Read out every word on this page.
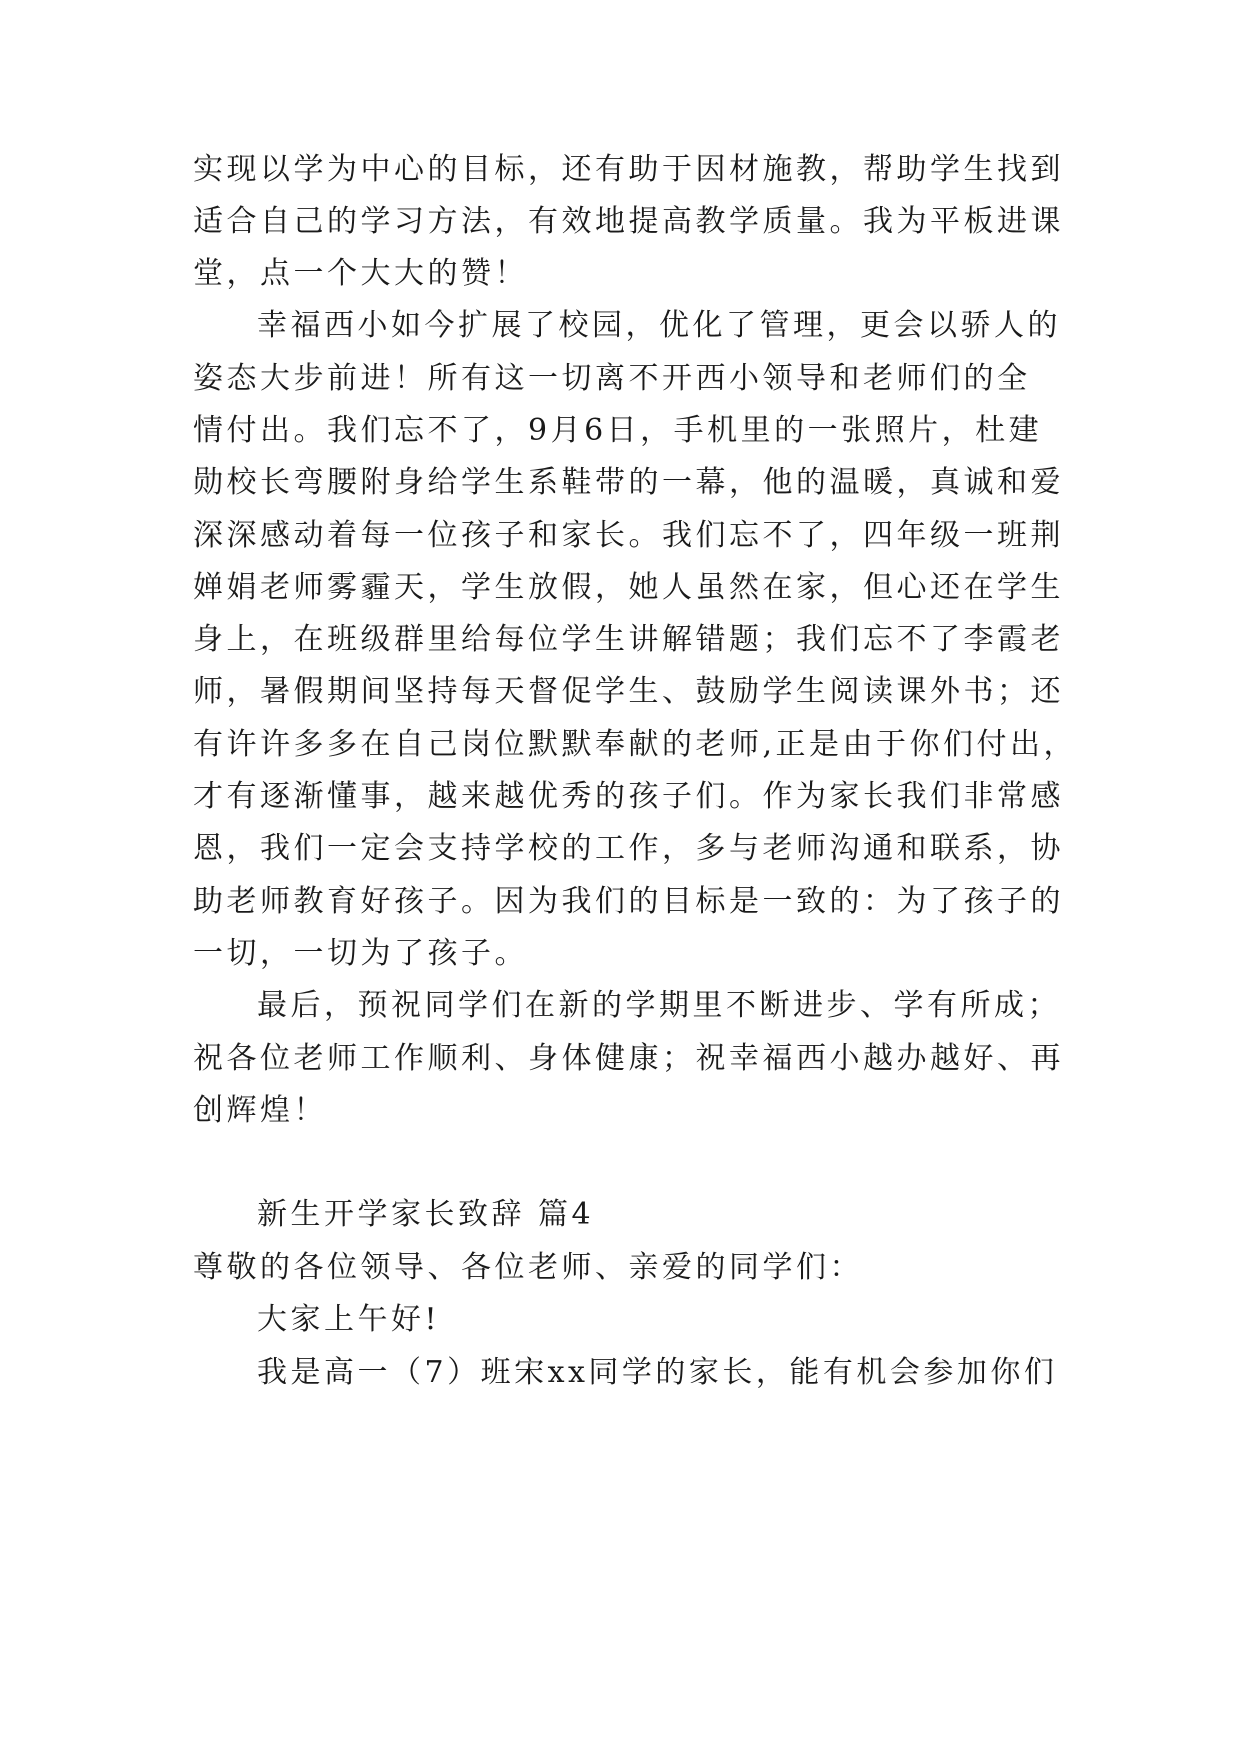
实现以学为中心的目标，还有助于因材施教，帮助学生找到
适合自己的学习方法，有效地提高教学质量。我为平板进课
堂，点一个大大的赞！
幸福西小如今扩展了校园，优化了管理，更会以骄人的
姿态大步前进！所有这一切离不开西小领导和老师们的全
情付出。我们忘不了，9月6日，手机里的一张照片，杜建
勋校长弯腰附身给学生系鞋带的一幕，他的温暖，真诚和爱
深深感动着每一位孩子和家长。我们忘不了，四年级一班荆
婵娟老师雾霾天，学生放假，她人虽然在家，但心还在学生
身上，在班级群里给每位学生讲解错题；我们忘不了李霞老
师，暑假期间坚持每天督促学生、鼓励学生阅读课外书；还
有许许多多在自己岗位默默奉献的老师,正是由于你们付出，
才有逐渐懂事，越来越优秀的孩子们。作为家长我们非常感
恩，我们一定会支持学校的工作，多与老师沟通和联系，协
助老师教育好孩子。因为我们的目标是一致的：为了孩子的
一切，一切为了孩子。
最后，预祝同学们在新的学期里不断进步、学有所成；
祝各位老师工作顺利、身体健康；祝幸福西小越办越好、再
创辉煌！
新生开学家长致辞 篇4
尊敬的各位领导、各位老师、亲爱的同学们：
大家上午好!
我是高一（7）班宋xx同学的家长，能有机会参加你们
